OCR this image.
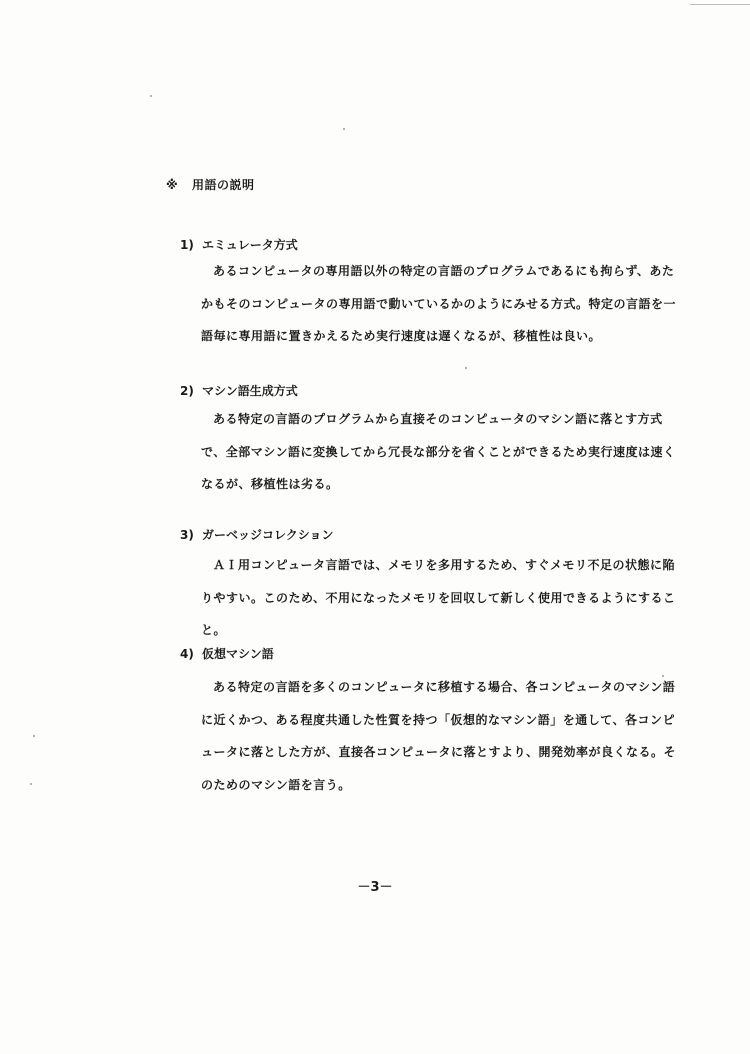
※ 用語の説明
1) エミュレータ方式

あるコンピュータの専用語以外の特定の言語のプログラムであるにも拘らず、あたかもそのコンピュータの専用語で動いているかのようにみせる方式。特定の言語を一語毎に専用語に置きかえるため実行速度は遅くなるが、移植性は良い。

2) マシン語生成方式

ある特定の言語のプログラムから直接そのコンピュータのマシン語に落とす方式で、全部マシン語に変換してから冗長な部分を省くことができるため実行速度は速くなるが、移植性は劣る。

3) ガーベッジコレクション

ＡＩ用コンピュータ言語では、メモリを多用するため、すぐメモリ不足の状態に陥りやすい。このため、不用になったメモリを回収して新しく使用できるようにすること。

4) 仮想マシン語

ある特定の言語を多くのコンピュータに移植する場合、各コンピュータのマシン語に近くかつ、ある程度共通した性質を持つ「仮想的なマシン語」を通して、各コンピュータに落とした方が、直接各コンピュータに落とすより、開発効率が良くなる。そのためのマシン語を言う。

－3－
